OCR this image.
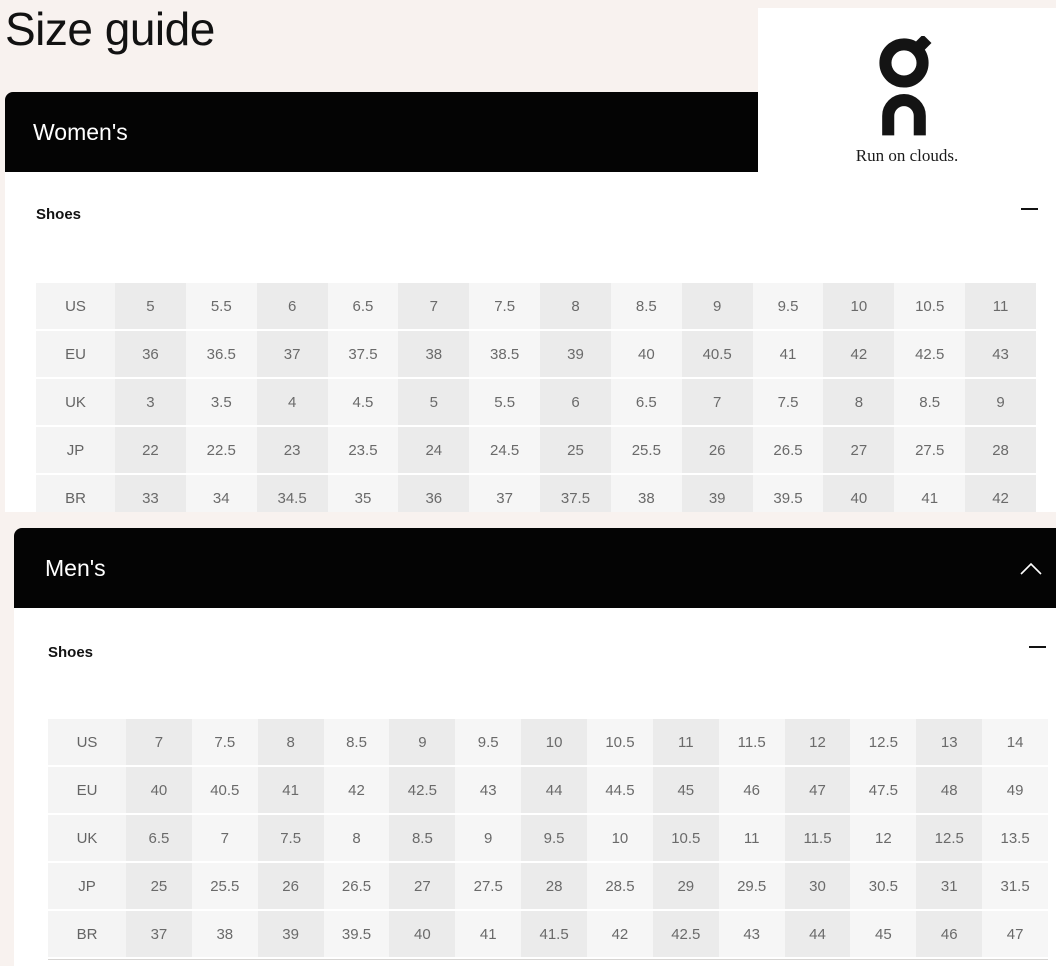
Size guide
Run on clouds.
Women's
Shoes
US	5	5.5	6	6.5	7	7.5	8	8.5	9	9.5	10	10.5	11
EU	36	36.5	37	37.5	38	38.5	39	40	40.5	41	42	42.5	43
UK	3	3.5	4	4.5	5	5.5	6	6.5	7	7.5	8	8.5	9
JP	22	22.5	23	23.5	24	24.5	25	25.5	26	26.5	27	27.5	28
BR	33	34	34.5	35	36	37	37.5	38	39	39.5	40	41	42
Men's
Shoes
US	7	7.5	8	8.5	9	9.5	10	10.5	11	11.5	12	12.5	13	14
EU	40	40.5	41	42	42.5	43	44	44.5	45	46	47	47.5	48	49
UK	6.5	7	7.5	8	8.5	9	9.5	10	10.5	11	11.5	12	12.5	13.5
JP	25	25.5	26	26.5	27	27.5	28	28.5	29	29.5	30	30.5	31	31.5
BR	37	38	39	39.5	40	41	41.5	42	42.5	43	44	45	46	47
